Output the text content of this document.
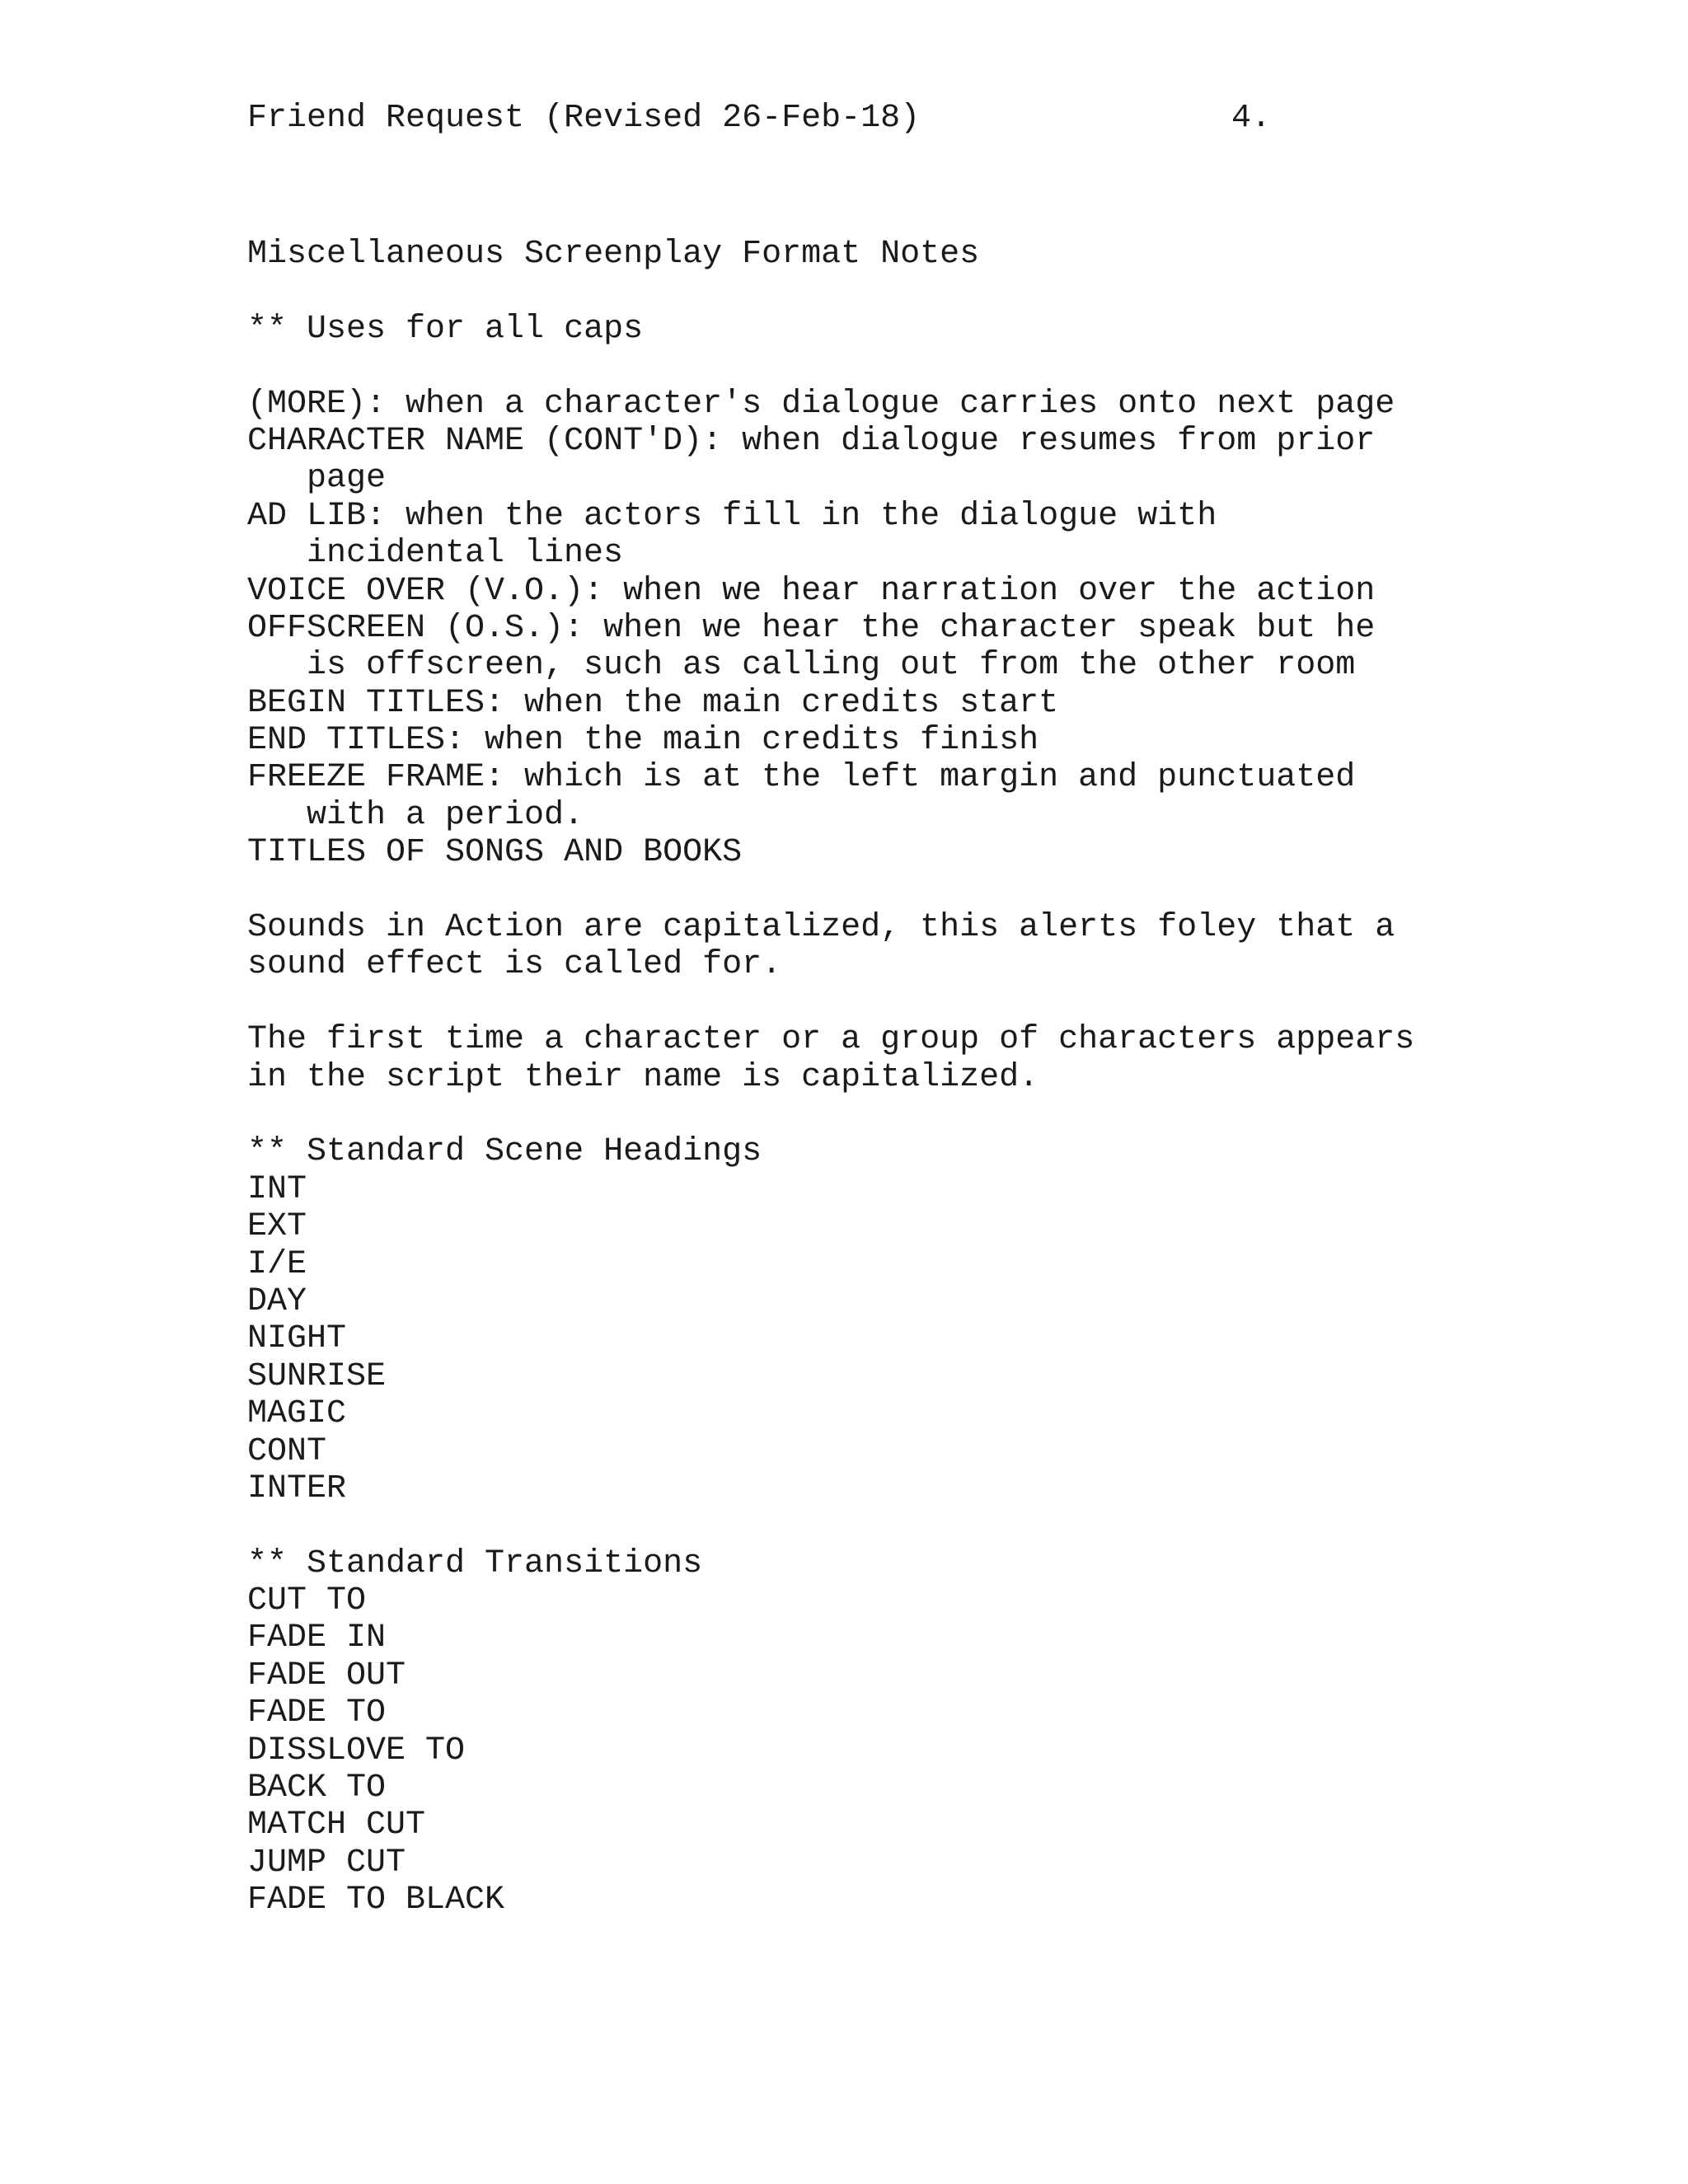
Friend Request (Revised 26-Feb-18)	4.
Miscellaneous Screenplay Format Notes
** Uses for all caps
(MORE): when a character's dialogue carries onto next page
CHARACTER NAME (CONT'D): when dialogue resumes from prior
page
AD LIB: when the actors fill in the dialogue with
incidental lines
VOICE OVER (V.O.): when we hear narration over the action
OFFSCREEN (O.S.): when we hear the character speak but he
is offscreen, such as calling out from the other room
BEGIN TITLES: when the main credits start
END TITLES: when the main credits finish
FREEZE FRAME: which is at the left margin and punctuated
with a period.
TITLES OF SONGS AND BOOKS
Sounds in Action are capitalized, this alerts foley that a
sound effect is called for.
The first time a character or a group of characters appears
in the script their name is capitalized.
** Standard Scene Headings
INT
EXT
I/E
DAY
NIGHT
SUNRISE
MAGIC
CONT
INTER
** Standard Transitions
CUT TO
FADE IN
FADE OUT
FADE TO
DISSLOVE TO
BACK TO
MATCH CUT
JUMP CUT
FADE TO BLACK
